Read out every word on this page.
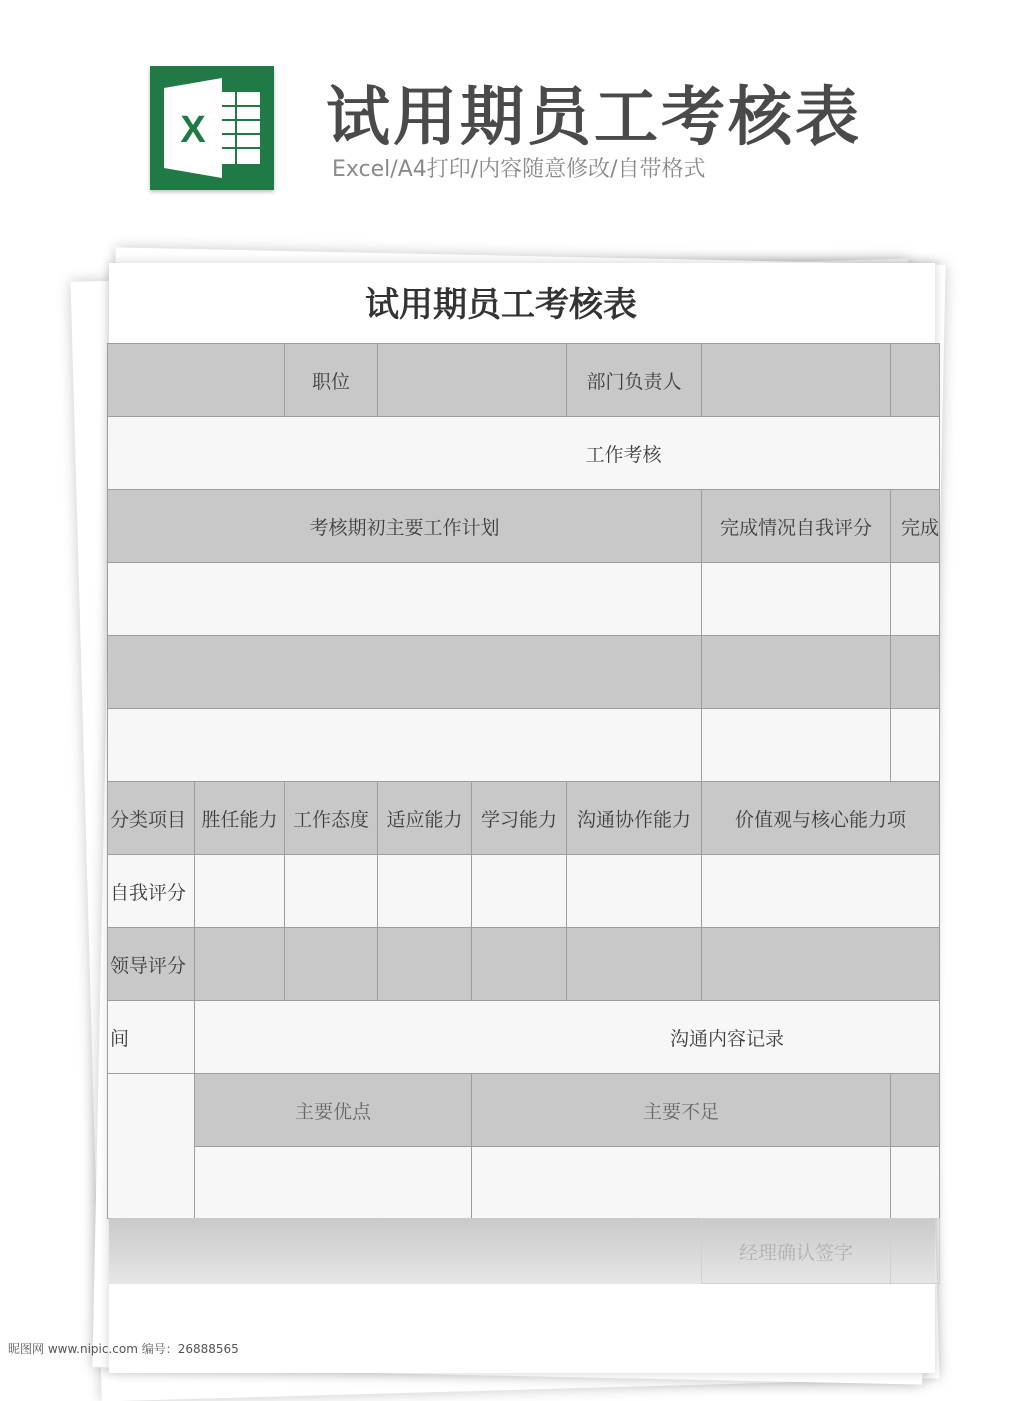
X 试用期员工考核表
Excel/A4打印/内容随意修改/自带格式
试用期员工考核表
职位	部门负责人
工作考核
考核期初主要工作计划	完成情况自我评分	完成
分类项目 胜任能力 工作态度 适应能力 学习能力	沟通协作能力	价值观与核心能力项
自我评分
领导评分
间	沟通内容记录
主要优点	主要不足
经理确认签字
昵图网 www.nipic.com 编号：26888565
